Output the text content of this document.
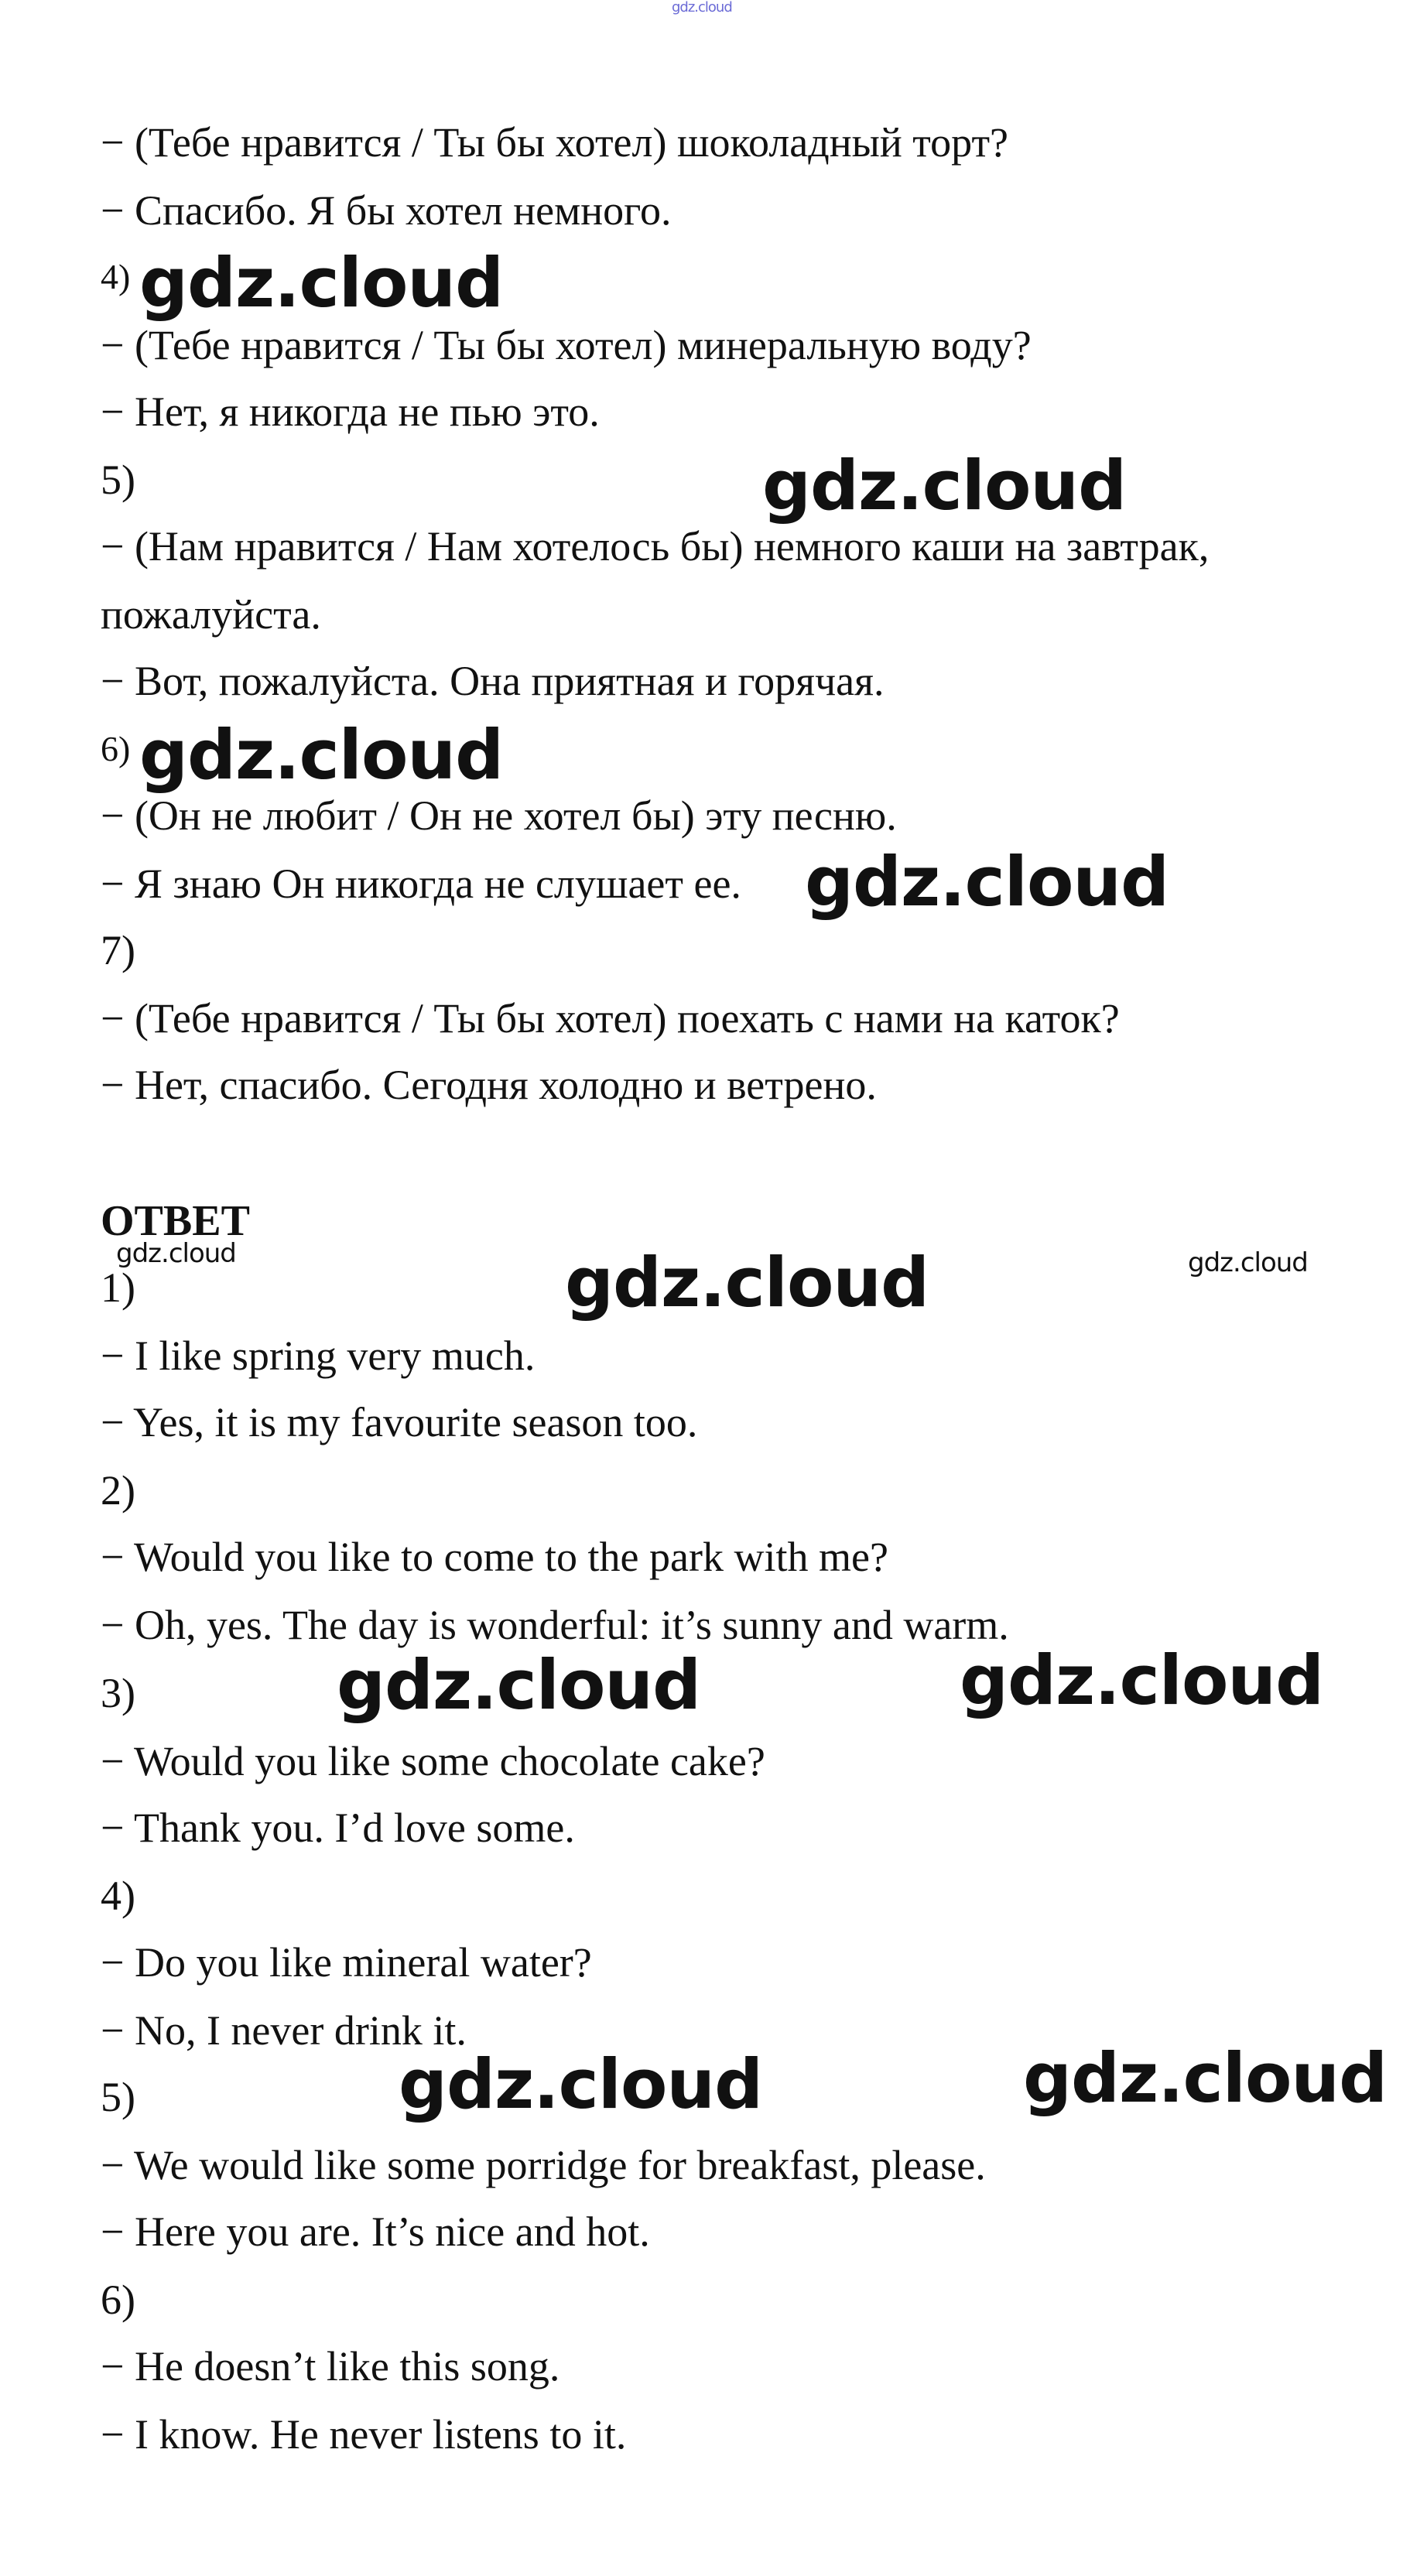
gdz.cloud
− (Тебе нравится / Ты бы хотел) шоколадный торт?
− Спасибо. Я бы хотел немного.
4)
− (Тебе нравится / Ты бы хотел) минеральную воду?
− Нет, я никогда не пью это.
5)
− (Нам нравится / Нам хотелось бы) немного каши на завтрак,
пожалуйста.
− Вот, пожалуйста. Она приятная и горячая.
6)
− (Он не любит / Он не хотел бы) эту песню.
− Я знаю Он никогда не слушает ее.
7)
− (Тебе нравится / Ты бы хотел) поехать с нами на каток?
− Нет, спасибо. Сегодня холодно и ветрено.
ОТВЕТ
1)
− I like spring very much.
− Yes, it is my favourite season too.
2)
− Would you like to come to the park with me?
− Oh, yes. The day is wonderful: it’s sunny and warm.
3)
− Would you like some chocolate cake?
− Thank you. I’d love some.
4)
− Do you like mineral water?
− No, I never drink it.
5)
− We would like some porridge for breakfast, please.
− Here you are. It’s nice and hot.
6)
− He doesn’t like this song.
− I know. He never listens to it.
gdz.cloud
gdz.cloud
gdz.cloud
gdz.cloud
gdz.cloud	gdz.cloud	gdz.cloud
gdz.cloud	gdz.cloud
gdz.cloud	gdz.cloud
